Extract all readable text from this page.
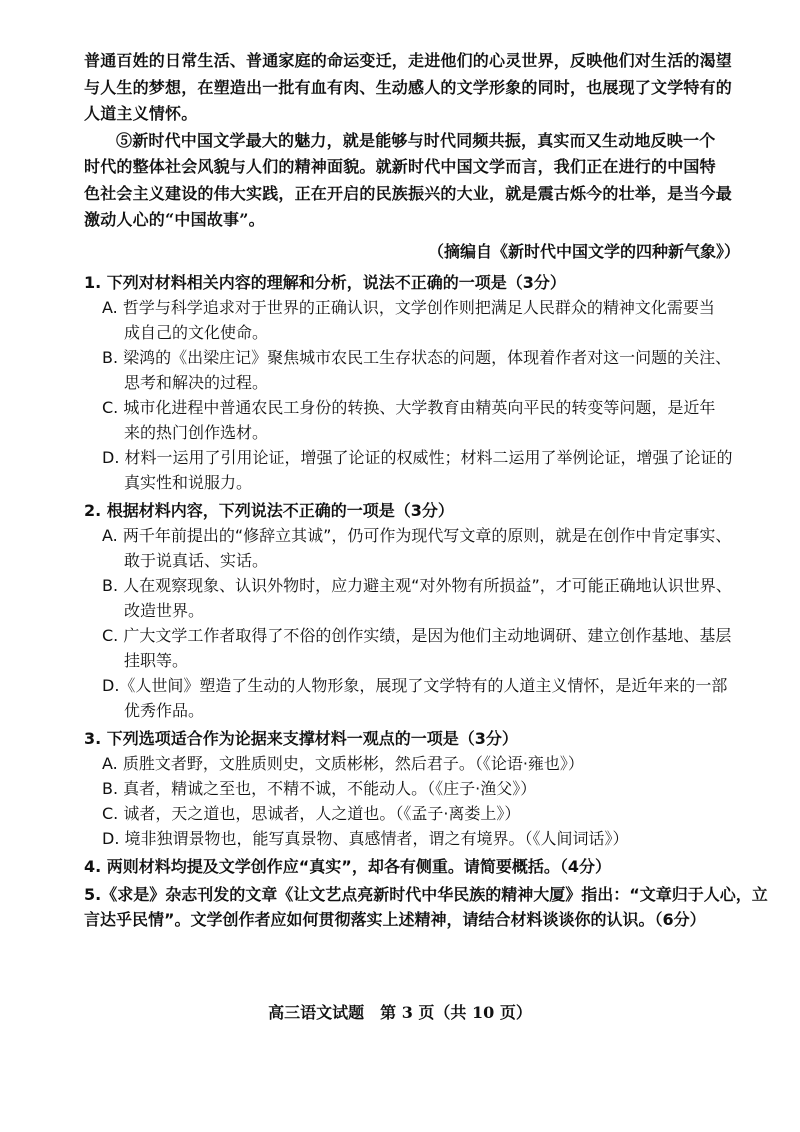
普通百姓的日常生活、普通家庭的命运变迁，走进他们的心灵世界，反映他们对生活的渴望
与人生的梦想，在塑造出一批有血有肉、生动感人的文学形象的同时，也展现了文学特有的
人道主义情怀。
⑤新时代中国文学最大的魅力，就是能够与时代同频共振，真实而又生动地反映一个
时代的整体社会风貌与人们的精神面貌。就新时代中国文学而言，我们正在进行的中国特
色社会主义建设的伟大实践，正在开启的民族振兴的大业，就是震古烁今的壮举，是当今最
激动人心的“中国故事”。
（摘编自《新时代中国文学的四种新气象》）
1. 下列对材料相关内容的理解和分析，说法不正确的一项是（3分）
A. 哲学与科学追求对于世界的正确认识，文学创作则把满足人民群众的精神文化需要当
成自己的文化使命。
B. 梁鸿的《出梁庄记》聚焦城市农民工生存状态的问题，体现着作者对这一问题的关注、
思考和解决的过程。
C. 城市化进程中普通农民工身份的转换、大学教育由精英向平民的转变等问题，是近年
来的热门创作选材。
D. 材料一运用了引用论证，增强了论证的权威性；材料二运用了举例论证，增强了论证的
真实性和说服力。
2. 根据材料内容，下列说法不正确的一项是（3分）
A. 两千年前提出的“修辞立其诚”，仍可作为现代写文章的原则，就是在创作中肯定事实、
敢于说真话、实话。
B. 人在观察现象、认识外物时，应力避主观“对外物有所损益”，才可能正确地认识世界、
改造世界。
C. 广大文学工作者取得了不俗的创作实绩，是因为他们主动地调研、建立创作基地、基层
挂职等。
D.《人世间》塑造了生动的人物形象，展现了文学特有的人道主义情怀，是近年来的一部
优秀作品。
3. 下列选项适合作为论据来支撑材料一观点的一项是（3分）
A. 质胜文者野，文胜质则史，文质彬彬，然后君子。（《论语·雍也》）
B. 真者，精诚之至也，不精不诚，不能动人。（《庄子·渔父》）
C. 诚者，天之道也，思诚者，人之道也。（《孟子·离娄上》）
D. 境非独谓景物也，能写真景物、真感情者，谓之有境界。（《人间词话》）
4. 两则材料均提及文学创作应“真实”，却各有侧重。请简要概括。（4分）
5.《求是》杂志刊发的文章《让文艺点亮新时代中华民族的精神大厦》指出：“文章归于人心，立
言达乎民情”。文学创作者应如何贯彻落实上述精神，请结合材料谈谈你的认识。（6分）
高三语文试题　第 3 页（共 10 页）
